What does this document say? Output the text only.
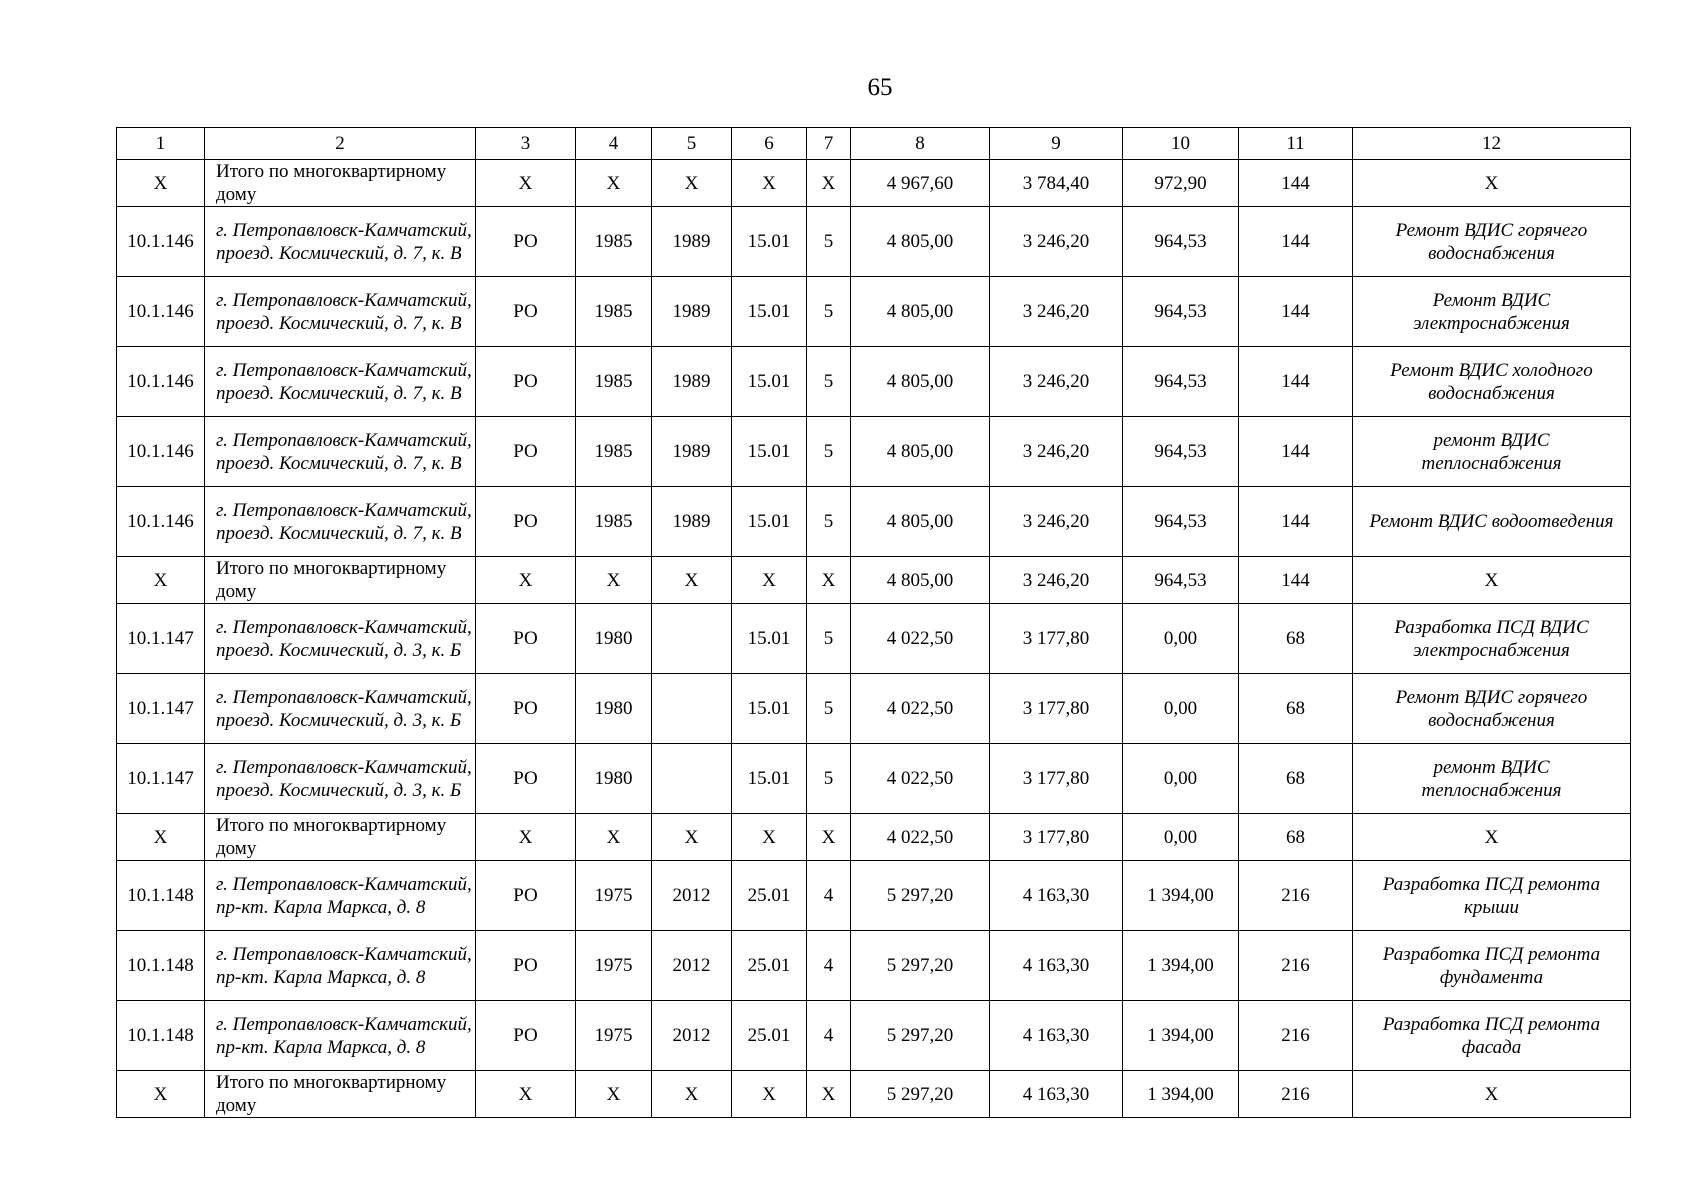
65
1	2	3	4	5	6	7	8	9	10	11	12
X	Итого по многоквартирному дому	X	X	X	X	X	4 967,60	3 784,40	972,90	144	X
10.1.146	г. Петропавловск-Камчатский, проезд. Космический, д. 7, к. В	РО	1985	1989	15.01	5	4 805,00	3 246,20	964,53	144	Ремонт ВДИС горячего водоснабжения
10.1.146	г. Петропавловск-Камчатский, проезд. Космический, д. 7, к. В	РО	1985	1989	15.01	5	4 805,00	3 246,20	964,53	144	Ремонт ВДИС электроснабжения
10.1.146	г. Петропавловск-Камчатский, проезд. Космический, д. 7, к. В	РО	1985	1989	15.01	5	4 805,00	3 246,20	964,53	144	Ремонт ВДИС холодного водоснабжения
10.1.146	г. Петропавловск-Камчатский, проезд. Космический, д. 7, к. В	РО	1985	1989	15.01	5	4 805,00	3 246,20	964,53	144	ремонт ВДИС теплоснабжения
10.1.146	г. Петропавловск-Камчатский, проезд. Космический, д. 7, к. В	РО	1985	1989	15.01	5	4 805,00	3 246,20	964,53	144	Ремонт ВДИС водоотведения
X	Итого по многоквартирному дому	X	X	X	X	X	4 805,00	3 246,20	964,53	144	X
10.1.147	г. Петропавловск-Камчатский, проезд. Космический, д. 3, к. Б	РО	1980		15.01	5	4 022,50	3 177,80	0,00	68	Разработка ПСД ВДИС электроснабжения
10.1.147	г. Петропавловск-Камчатский, проезд. Космический, д. 3, к. Б	РО	1980		15.01	5	4 022,50	3 177,80	0,00	68	Ремонт ВДИС горячего водоснабжения
10.1.147	г. Петропавловск-Камчатский, проезд. Космический, д. 3, к. Б	РО	1980		15.01	5	4 022,50	3 177,80	0,00	68	ремонт ВДИС теплоснабжения
X	Итого по многоквартирному дому	X	X	X	X	X	4 022,50	3 177,80	0,00	68	X
10.1.148	г. Петропавловск-Камчатский, пр-кт. Карла Маркса, д. 8	РО	1975	2012	25.01	4	5 297,20	4 163,30	1 394,00	216	Разработка ПСД ремонта крыши
10.1.148	г. Петропавловск-Камчатский, пр-кт. Карла Маркса, д. 8	РО	1975	2012	25.01	4	5 297,20	4 163,30	1 394,00	216	Разработка ПСД ремонта фундамента
10.1.148	г. Петропавловск-Камчатский, пр-кт. Карла Маркса, д. 8	РО	1975	2012	25.01	4	5 297,20	4 163,30	1 394,00	216	Разработка ПСД ремонта фасада
X	Итого по многоквартирному дому	X	X	X	X	X	5 297,20	4 163,30	1 394,00	216	X
